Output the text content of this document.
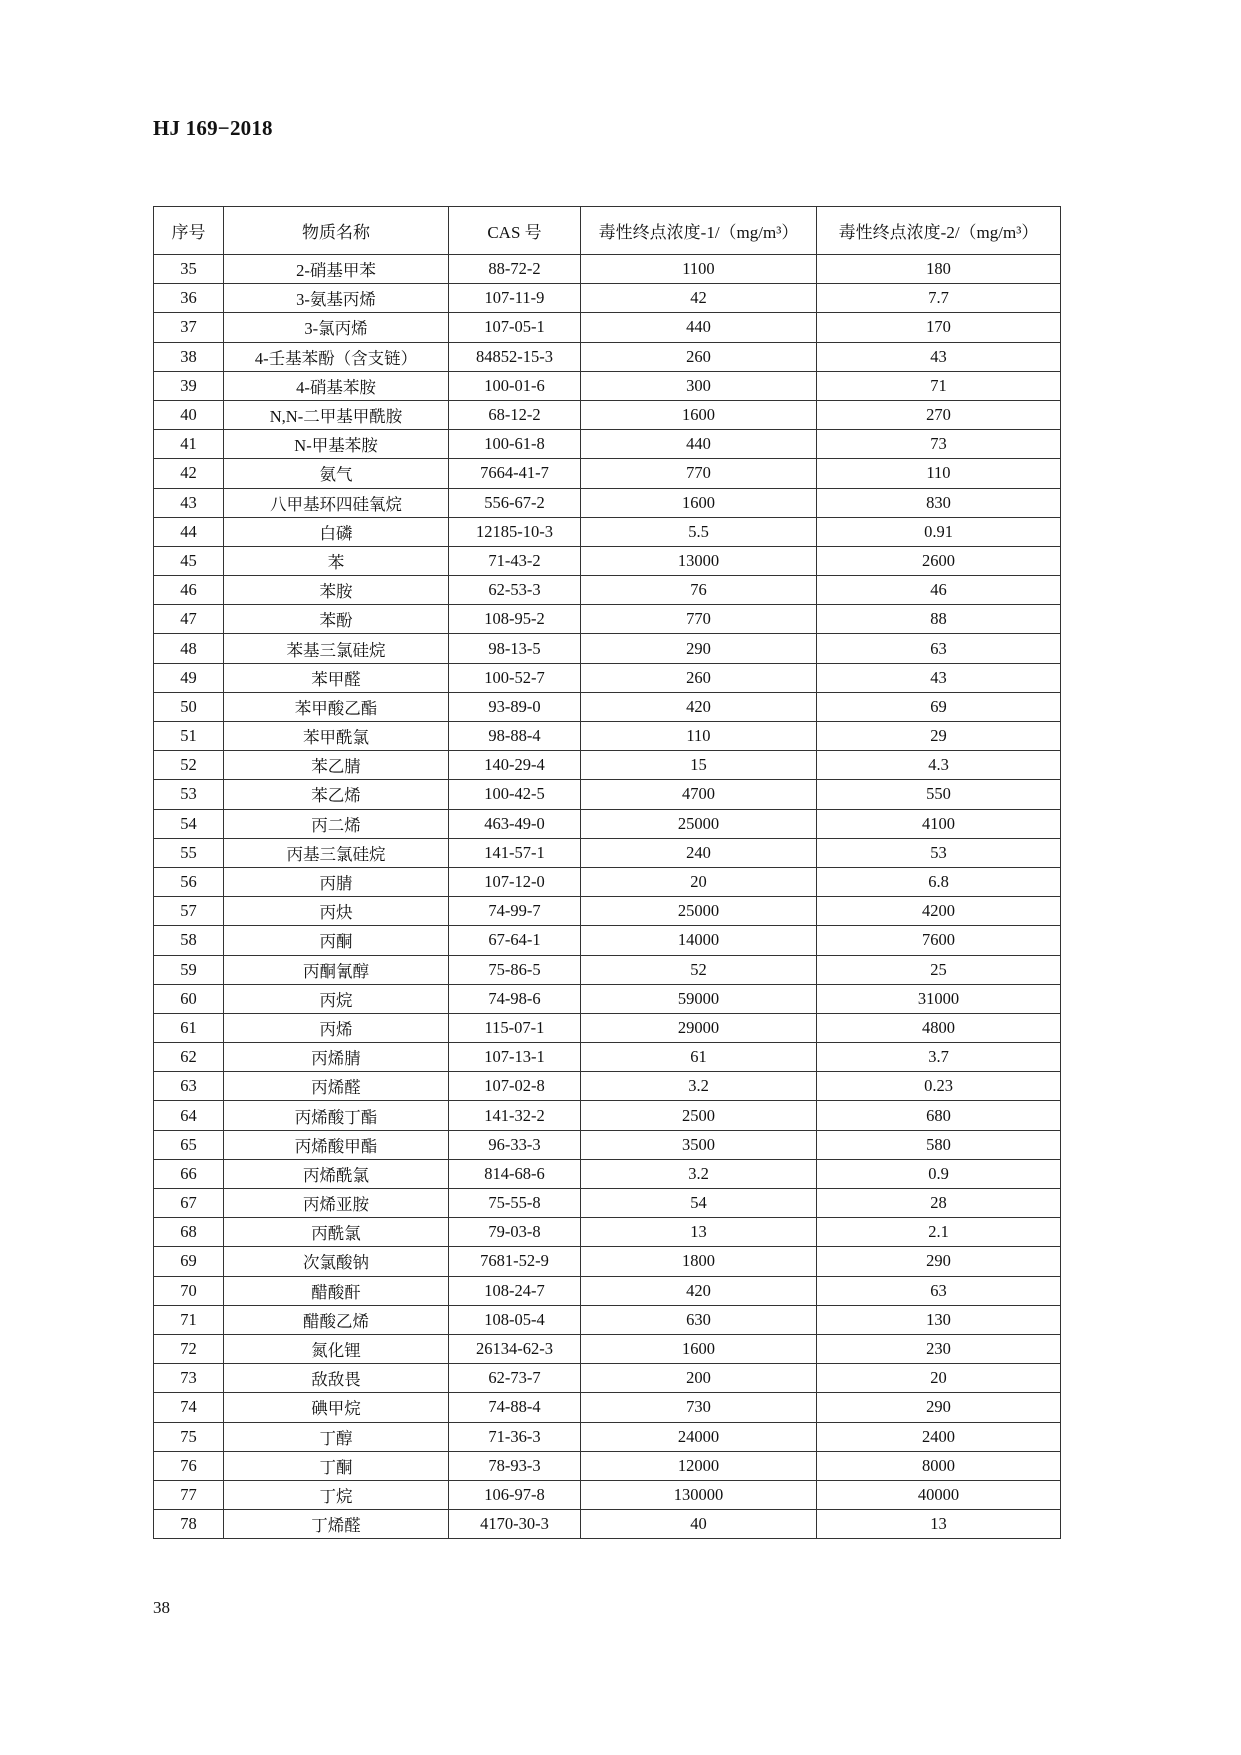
HJ 169−2018
序号	物质名称	CAS 号	毒性终点浓度-1/（mg/m³）	毒性终点浓度-2/（mg/m³）
35	2-硝基甲苯	88-72-2	1100	180
36	3-氨基丙烯	107-11-9	42	7.7
37	3-氯丙烯	107-05-1	440	170
38	4-壬基苯酚（含支链）	84852-15-3	260	43
39	4-硝基苯胺	100-01-6	300	71
40	N,N-二甲基甲酰胺	68-12-2	1600	270
41	N-甲基苯胺	100-61-8	440	73
42	氨气	7664-41-7	770	110
43	八甲基环四硅氧烷	556-67-2	1600	830
44	白磷	12185-10-3	5.5	0.91
45	苯	71-43-2	13000	2600
46	苯胺	62-53-3	76	46
47	苯酚	108-95-2	770	88
48	苯基三氯硅烷	98-13-5	290	63
49	苯甲醛	100-52-7	260	43
50	苯甲酸乙酯	93-89-0	420	69
51	苯甲酰氯	98-88-4	110	29
52	苯乙腈	140-29-4	15	4.3
53	苯乙烯	100-42-5	4700	550
54	丙二烯	463-49-0	25000	4100
55	丙基三氯硅烷	141-57-1	240	53
56	丙腈	107-12-0	20	6.8
57	丙炔	74-99-7	25000	4200
58	丙酮	67-64-1	14000	7600
59	丙酮氰醇	75-86-5	52	25
60	丙烷	74-98-6	59000	31000
61	丙烯	115-07-1	29000	4800
62	丙烯腈	107-13-1	61	3.7
63	丙烯醛	107-02-8	3.2	0.23
64	丙烯酸丁酯	141-32-2	2500	680
65	丙烯酸甲酯	96-33-3	3500	580
66	丙烯酰氯	814-68-6	3.2	0.9
67	丙烯亚胺	75-55-8	54	28
68	丙酰氯	79-03-8	13	2.1
69	次氯酸钠	7681-52-9	1800	290
70	醋酸酐	108-24-7	420	63
71	醋酸乙烯	108-05-4	630	130
72	氮化锂	26134-62-3	1600	230
73	敌敌畏	62-73-7	200	20
74	碘甲烷	74-88-4	730	290
75	丁醇	71-36-3	24000	2400
76	丁酮	78-93-3	12000	8000
77	丁烷	106-97-8	130000	40000
78	丁烯醛	4170-30-3	40	13
38
